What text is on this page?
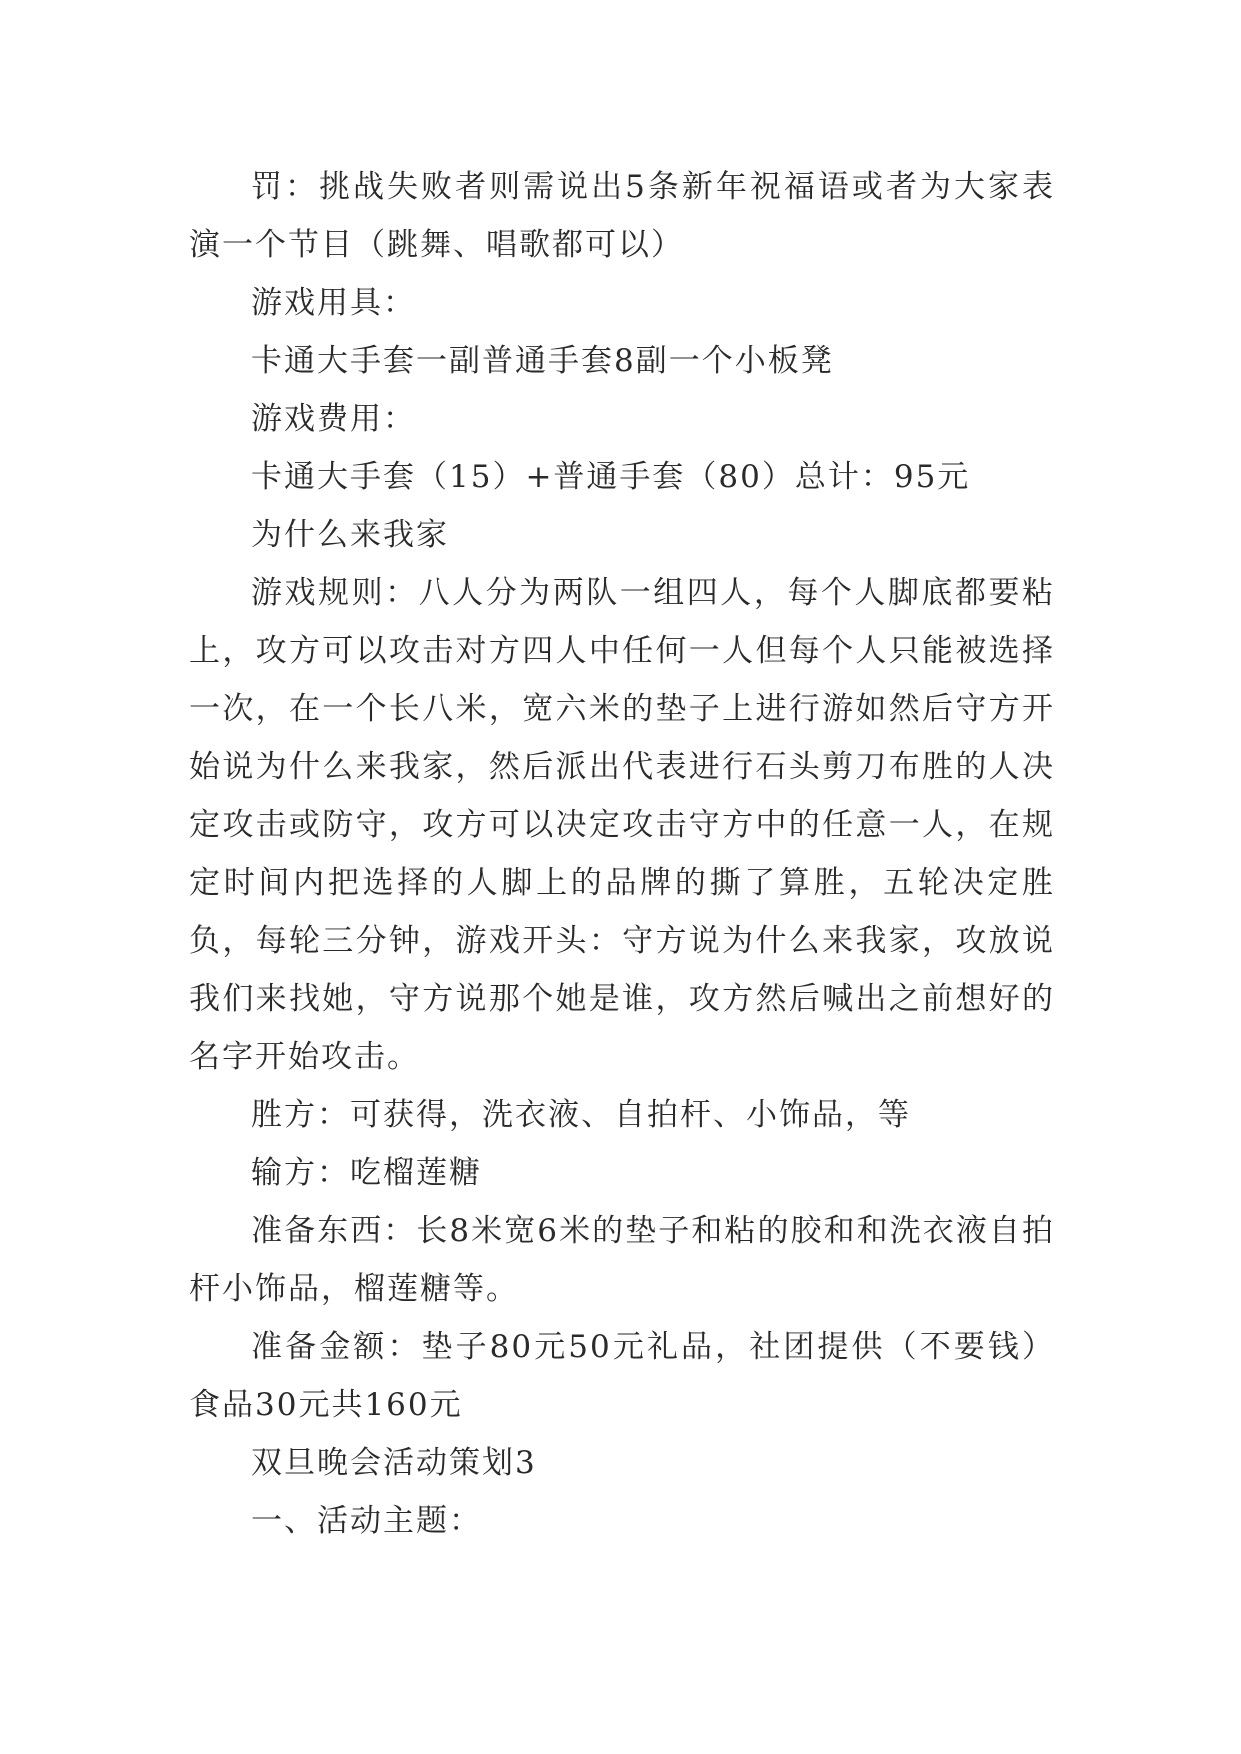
罚：挑战失败者则需说出5条新年祝福语或者为大家表演一个节目（跳舞、唱歌都可以）

游戏用具：

卡通大手套一副普通手套8副一个小板凳

游戏费用：

卡通大手套（15）+普通手套（80）总计：95元

为什么来我家

游戏规则：八人分为两队一组四人，每个人脚底都要粘上，攻方可以攻击对方四人中任何一人但每个人只能被选择一次，在一个长八米，宽六米的垫子上进行游如然后守方开始说为什么来我家，然后派出代表进行石头剪刀布胜的人决定攻击或防守，攻方可以决定攻击守方中的任意一人，在规定时间内把选择的人脚上的品牌的撕了算胜，五轮决定胜负，每轮三分钟，游戏开头：守方说为什么来我家，攻放说我们来找她，守方说那个她是谁，攻方然后喊出之前想好的名字开始攻击。

胜方：可获得，洗衣液、自拍杆、小饰品，等

输方：吃榴莲糖

准备东西：长8米宽6米的垫子和粘的胶和和洗衣液自拍杆小饰品，榴莲糖等。

准备金额：垫子80元50元礼品，社团提供（不要钱）食品30元共160元

双旦晚会活动策划3

一、活动主题：
